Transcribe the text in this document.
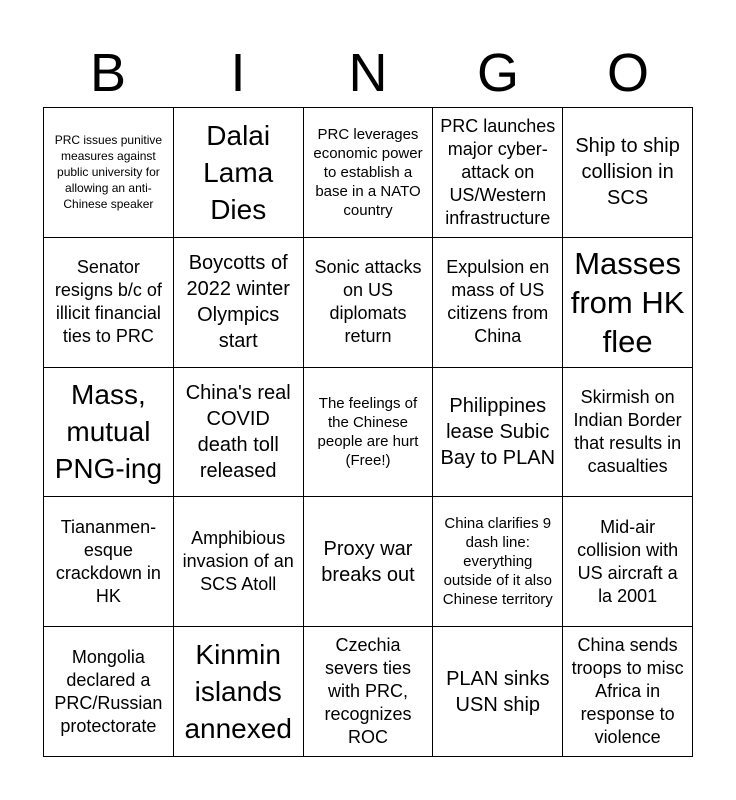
B	I	N	G	O
PRC issues punitive measures against public university for allowing an anti-Chinese speaker
Dalai Lama Dies
PRC leverages economic power to establish a base in a NATO country
PRC launches major cyber-attack on US/Western infrastructure
Ship to ship collision in SCS
Senator resigns b/c of illicit financial ties to PRC
Boycotts of 2022 winter Olympics start
Sonic attacks on US diplomats return
Expulsion en mass of US citizens from China
Masses from HK flee
Mass, mutual PNG-ing
China's real COVID death toll released
The feelings of the Chinese people are hurt (Free!)
Philippines lease Subic Bay to PLAN
Skirmish on Indian Border that results in casualties
Tiananmen-esque crackdown in HK
Amphibious invasion of an SCS Atoll
Proxy war breaks out
China clarifies 9 dash line: everything outside of it also Chinese territory
Mid-air collision with US aircraft a la 2001
Mongolia declared a PRC/Russian protectorate
Kinmin islands annexed
Czechia severs ties with PRC, recognizes ROC
PLAN sinks USN ship
China sends troops to misc Africa in response to violence
